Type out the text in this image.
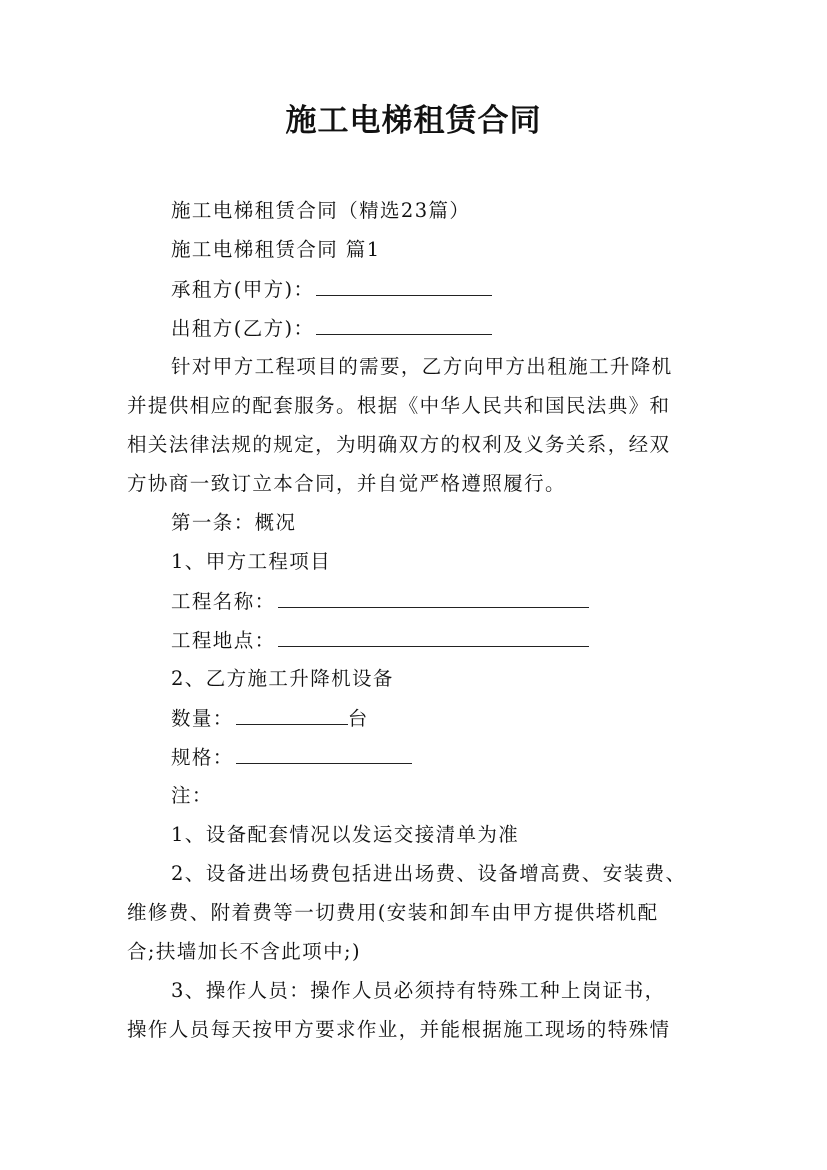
施工电梯租赁合同
施工电梯租赁合同（精选23篇）
施工电梯租赁合同 篇1
承租方(甲方)：
出租方(乙方)：
针对甲方工程项目的需要，乙方向甲方出租施工升降机
并提供相应的配套服务。根据《中华人民共和国民法典》和
相关法律法规的规定，为明确双方的权利及义务关系，经双
方协商一致订立本合同，并自觉严格遵照履行。
第一条：概况
1、甲方工程项目
工程名称：
工程地点：
2、乙方施工升降机设备
数量：	台
规格：
注：
1、设备配套情况以发运交接清单为准
2、设备进出场费包括进出场费、设备增高费、安装费、
维修费、附着费等一切费用(安装和卸车由甲方提供塔机配
合;扶墙加长不含此项中;)
3、操作人员：操作人员必须持有特殊工种上岗证书，
操作人员每天按甲方要求作业，并能根据施工现场的特殊情
